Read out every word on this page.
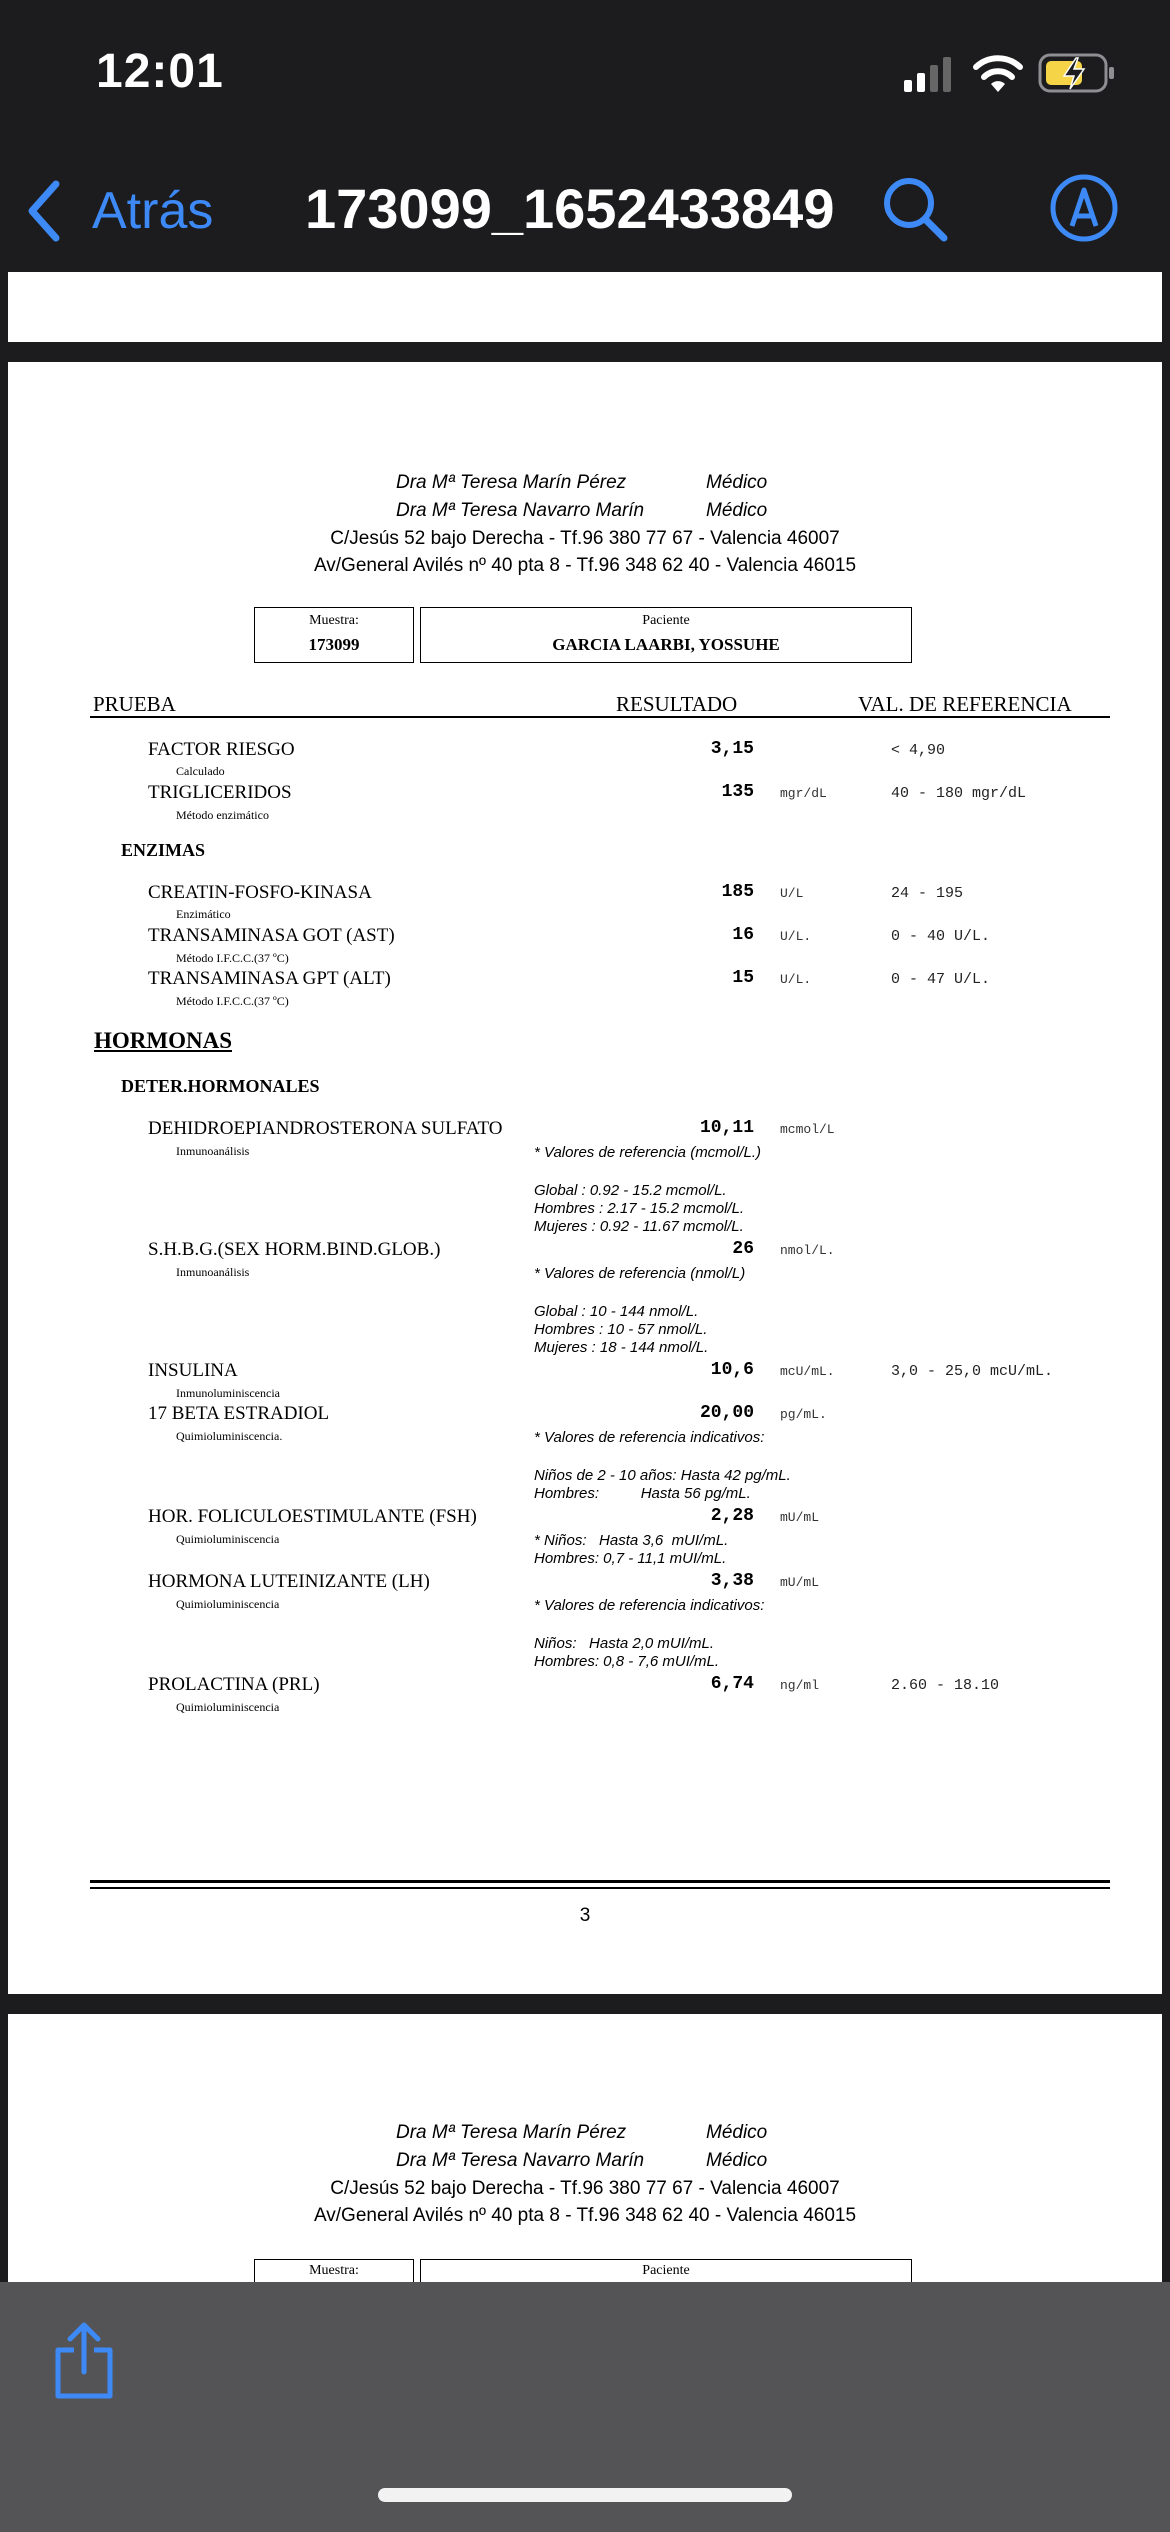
12:01
Atrás 173099_1652433849
Dra Mª Teresa Marín Pérez	Médico
Dra Mª Teresa Navarro Marín	Médico
C/Jesús 52 bajo Derecha - Tf.96 380 77 67 - Valencia 46007
Av/General Avilés nº 40 pta 8 - Tf.96 348 62 40 - Valencia 46015
Muestra:
173099
Paciente
GARCIA LAARBI, YOSSUHE
PRUEBA	RESULTADO	VAL. DE REFERENCIA
FACTOR RIESGO
Calculado
3,15	< 4,90
TRIGLICERIDOS
Método enzimático
135 mgr/dL	40 - 180 mgr/dL
ENZIMAS
CREATIN-FOSFO-KINASA
Enzimático
185 U/L	24 - 195
TRANSAMINASA GOT (AST)
Método I.F.C.C.(37 ºC)
16 U/L.	0 - 40 U/L.
TRANSAMINASA GPT (ALT)
Método I.F.C.C.(37 ºC)
15 U/L.	0 - 47 U/L.
HORMONAS
DETER.HORMONALES
DEHIDROEPIANDROSTERONA SULFATO
Inmunoanálisis
10,11 mcmol/L
* Valores de referencia (mcmol/L.)
Global : 0.92 - 15.2 mcmol/L.
Hombres : 2.17 - 15.2 mcmol/L.
Mujeres : 0.92 - 11.67 mcmol/L.
S.H.B.G.(SEX HORM.BIND.GLOB.)
Inmunoanálisis
26 nmol/L.
* Valores de referencia (nmol/L)
Global : 10 - 144 nmol/L.
Hombres : 10 - 57 nmol/L.
Mujeres : 18 - 144 nmol/L.
INSULINA
Inmunoluminiscencia
10,6 mcU/mL.	3,0 - 25,0 mcU/mL.
17 BETA ESTRADIOL
Quimioluminiscencia.
20,00 pg/mL.
* Valores de referencia indicativos:
Niños de 2 - 10 años: Hasta 42 pg/mL.
Hombres:          Hasta 56 pg/mL.
HOR. FOLICULOESTIMULANTE (FSH)
Quimioluminiscencia
2,28 mU/mL
* Niños:   Hasta 3,6  mUI/mL.
Hombres: 0,7 - 11,1 mUI/mL.
HORMONA LUTEINIZANTE (LH)
Quimioluminiscencia
3,38 mU/mL
* Valores de referencia indicativos:
Niños:   Hasta 2,0 mUI/mL.
Hombres: 0,8 - 7,6 mUI/mL.
PROLACTINA (PRL)
Quimioluminiscencia
6,74 ng/ml	2.60 - 18.10
3
Dra Mª Teresa Marín Pérez	Médico
Dra Mª Teresa Navarro Marín	Médico
C/Jesús 52 bajo Derecha - Tf.96 380 77 67 - Valencia 46007
Av/General Avilés nº 40 pta 8 - Tf.96 348 62 40 - Valencia 46015
Muestra:	Paciente
